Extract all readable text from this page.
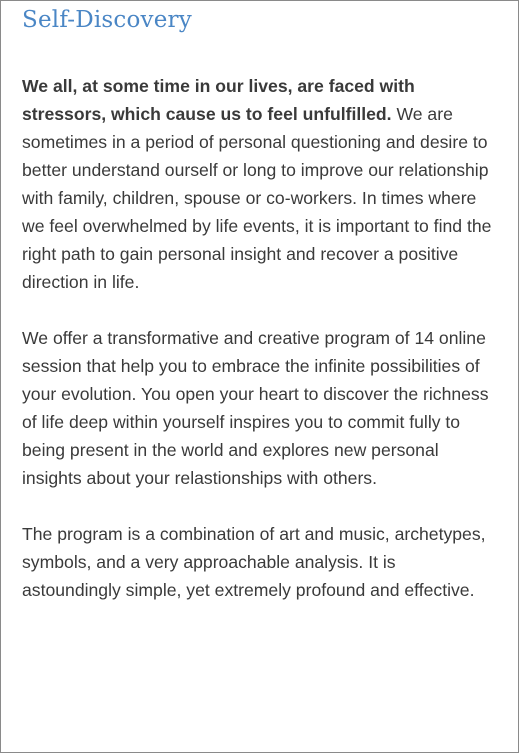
Self-Discovery

We all, at some time in our lives, are faced with stressors, which cause us to feel unfulfilled. We are sometimes in a period of personal questioning and desire to better understand ourself or long to improve our relationship with family, children, spouse or co-workers. In times where we feel overwhelmed by life events, it is important to find the right path to gain personal insight and recover a positive direction in life.

We offer a transformative and creative program of 14 online session that help you to embrace the infinite possibilities of your evolution. You open your heart to discover the richness of life deep within yourself inspires you to commit fully to being present in the world and explores new personal insights about your relastionships with others.

The program is a combination of art and music, archetypes, symbols, and a very approachable analysis. It is astoundingly simple, yet extremely profound and effective.
